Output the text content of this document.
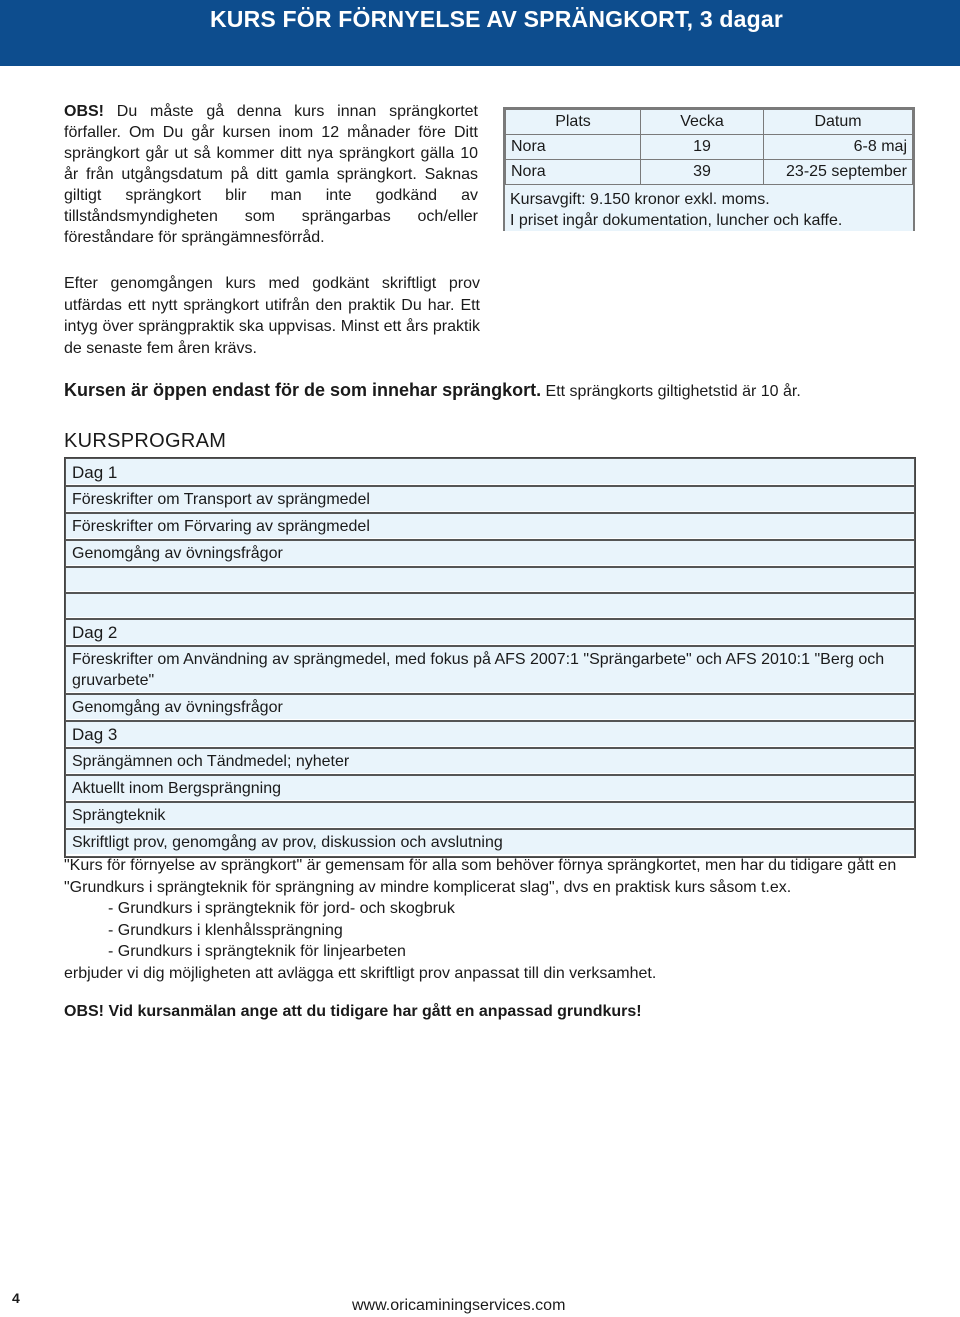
KURS FÖR FÖRNYELSE AV SPRÄNGKORT, 3 dagar

OBS! Du måste gå denna kurs innan sprängkortet förfaller. Om Du går kursen inom 12 månader före Ditt sprängkort går ut så kommer ditt nya sprängkort gälla 10 år från utgångsdatum på ditt gamla sprängkort. Saknas giltigt sprängkort blir man inte godkänd av tillståndsmyndigheten som sprängarbas och/eller föreståndare för sprängämnesförråd.

Efter genomgången kurs med godkänt skriftligt prov utfärdas ett nytt sprängkort utifrån den praktik Du har. Ett intyg över sprängpraktik ska uppvisas. Minst ett års praktik de senaste fem åren krävs.

Plats	Vecka	Datum
Nora	19	6-8 maj
Nora	39	23-25 september
Kursavgift: 9.150 kronor exkl. moms.
I priset ingår dokumentation, luncher och kaffe.

Kursen är öppen endast för de som innehar sprängkort. Ett sprängkorts giltighetstid är 10 år.

KURSPROGRAM
Dag 1
Föreskrifter om Transport av sprängmedel
Föreskrifter om Förvaring av sprängmedel
Genomgång av övningsfrågor
Dag 2
Föreskrifter om Användning av sprängmedel, med fokus på AFS 2007:1 "Sprängarbete" och AFS 2010:1 "Berg och gruvarbete"
Genomgång av övningsfrågor
Dag 3
Sprängämnen och Tändmedel; nyheter
Aktuellt inom Bergsprängning
Sprängteknik
Skriftligt prov, genomgång av prov, diskussion och avslutning

"Kurs för förnyelse av sprängkort" är gemensam för alla som behöver förnya sprängkortet, men har du tidigare gått en "Grundkurs i sprängteknik för sprängning av mindre komplicerat slag", dvs en praktisk kurs såsom t.ex.
- Grundkurs i sprängteknik för jord- och skogbruk
- Grundkurs i klenhålssprängning
- Grundkurs i sprängteknik för linjearbeten
erbjuder vi dig möjligheten att avlägga ett skriftligt prov anpassat till din verksamhet.

OBS! Vid kursanmälan ange att du tidigare har gått en anpassad grundkurs!

4	www.oricaminingservices.com
